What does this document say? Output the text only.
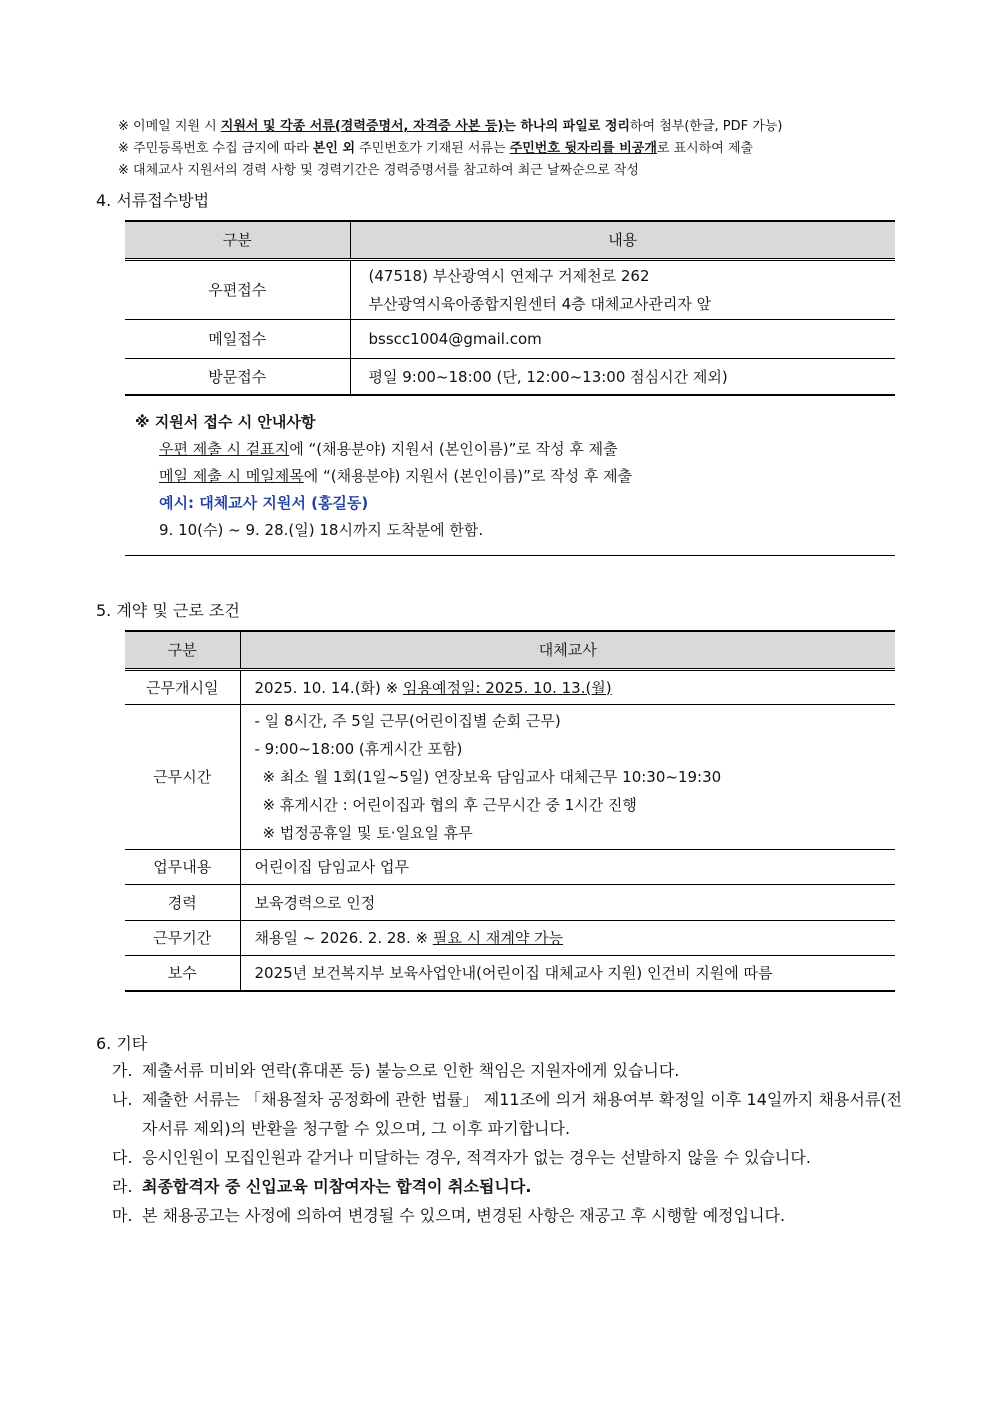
※ 이메일 지원 시 지원서 및 각종 서류(경력증명서, 자격증 사본 등)는 하나의 파일로 정리하여 첨부(한글, PDF 가능)
※ 주민등록번호 수집 금지에 따라 본인 외 주민번호가 기재된 서류는 주민번호 뒷자리를 비공개로 표시하여 제출
※ 대체교사 지원서의 경력 사항 및 경력기간은 경력증명서를 참고하여 최근 날짜순으로 작성
4. 서류접수방법
구분	내용
우편접수	(47518) 부산광역시 연제구 거제천로 262
부산광역시육아종합지원센터 4층 대체교사관리자 앞

메일접수	bsscc1004@gmail.com
방문접수	평일 9:00~18:00 (단, 12:00~13:00 점심시간 제외)
※ 지원서 접수 시 안내사항
우편 제출 시 겉표지에 “(채용분야) 지원서 (본인이름)”로 작성 후 제출
메일 제출 시 메일제목에 “(채용분야) 지원서 (본인이름)”로 작성 후 제출
예시: 대체교사 지원서 (홍길동)
9. 10(수) ~ 9. 28.(일) 18시까지 도착분에 한함.
5. 계약 및 근로 조건
구분	대체교사
근무개시일	2025. 10. 14.(화) ※ 임용예정일: 2025. 10. 13.(월)
근무시간	- 일 8시간, 주 5일 근무(어린이집별 순회 근무)
- 9:00~18:00 (휴게시간 포함)
※ 최소 월 1회(1일~5일) 연장보육 담임교사 대체근무 10:30~19:30
※ 휴게시간 : 어린이집과 협의 후 근무시간 중 1시간 진행
※ 법정공휴일 및 토·일요일 휴무

업무내용	어린이집 담임교사 업무
경력	보육경력으로 인정
근무기간	채용일 ~ 2026. 2. 28. ※ 필요 시 재계약 가능
보수	2025년 보건복지부 보육사업안내(어린이집 대체교사 지원) 인건비 지원에 따름
6. 기타
가. 제출서류 미비와 연락(휴대폰 등) 불능으로 인한 책임은 지원자에게 있습니다.
나. 제출한 서류는 「채용절차 공정화에 관한 법률」 제11조에 의거 채용여부 확정일 이후 14일까지 채용서류(전자서류 제외)의 반환을 청구할 수 있으며, 그 이후 파기합니다.
다. 응시인원이 모집인원과 같거나 미달하는 경우, 적격자가 없는 경우는 선발하지 않을 수 있습니다.
라. 최종합격자 중 신입교육 미참여자는 합격이 취소됩니다.
마. 본 채용공고는 사정에 의하여 변경될 수 있으며, 변경된 사항은 재공고 후 시행할 예정입니다.
